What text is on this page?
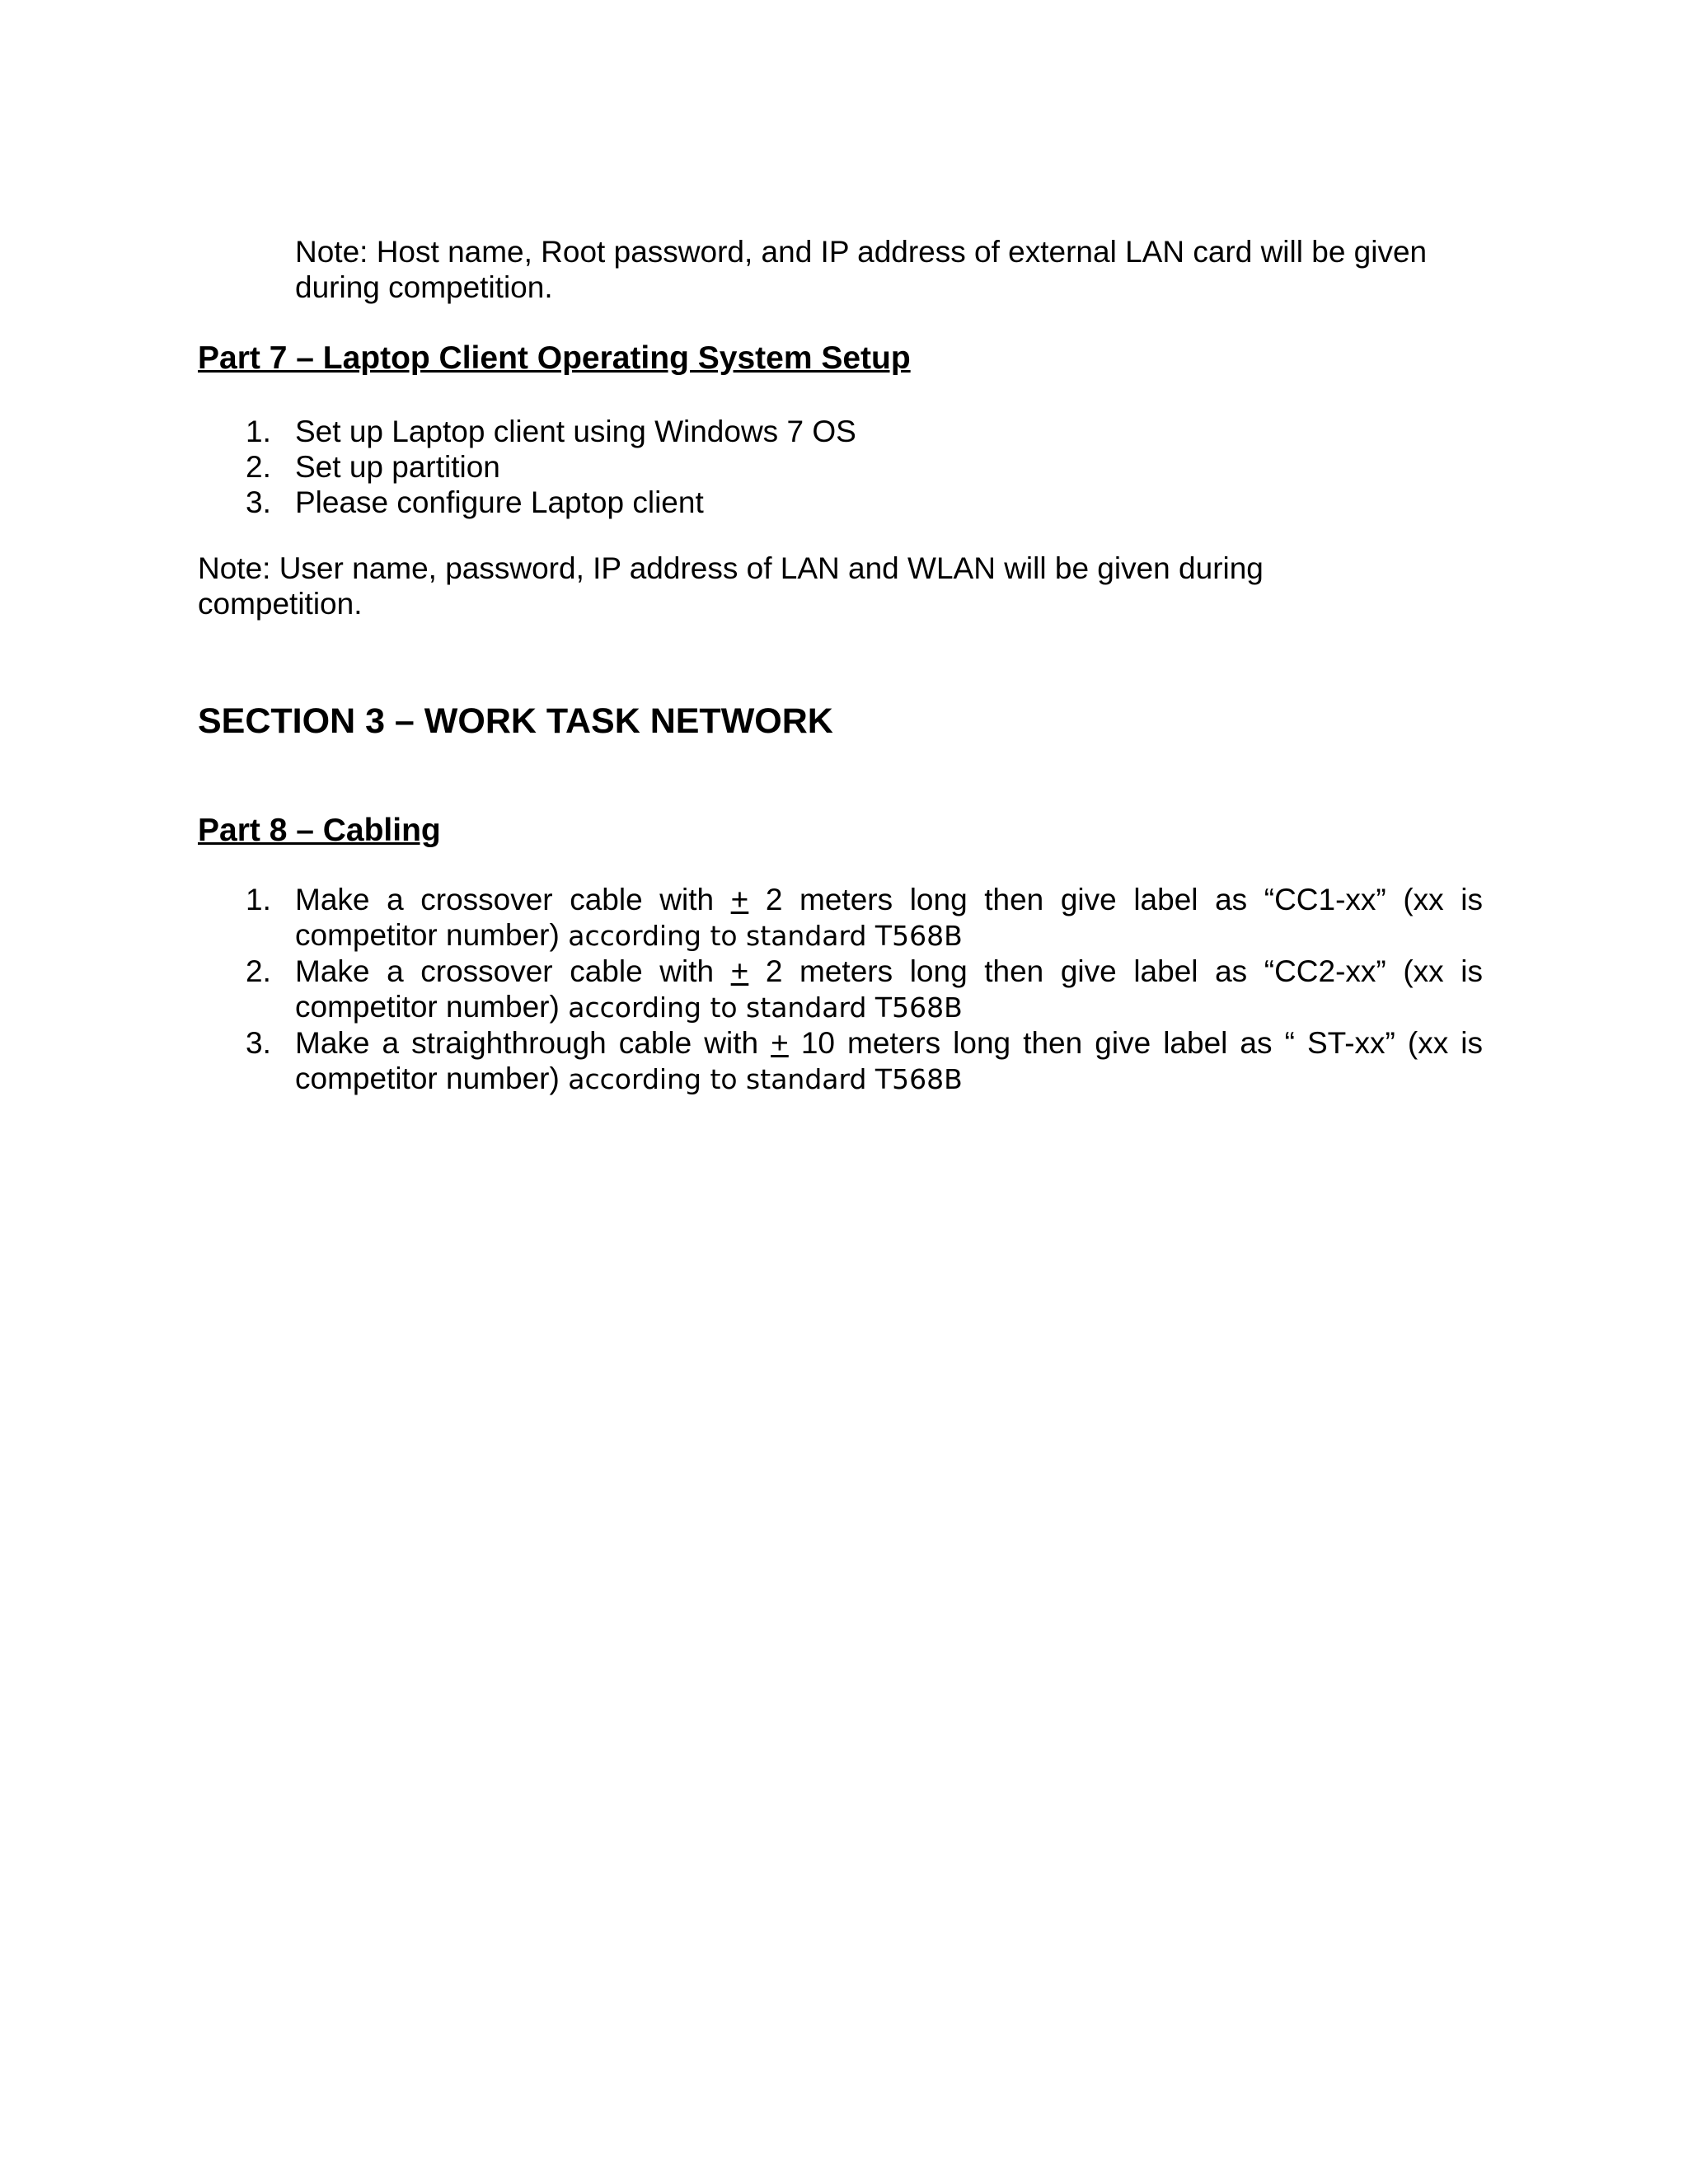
Note: Host name, Root password, and IP address of external LAN card will be given during competition.
Part 7 – Laptop Client Operating System Setup
1. Set up Laptop client using Windows 7 OS
2. Set up partition
3. Please configure Laptop client
Note: User name, password, IP address of LAN and WLAN will be given during competition.
SECTION 3 – WORK TASK NETWORK
Part 8 – Cabling
1. Make a crossover cable with + 2 meters long then give label as “CC1-xx” (xx is competitor number) according to standard T568B
2. Make a crossover cable with + 2 meters long then give label as “CC2-xx” (xx is competitor number) according to standard T568B
3. Make a straighthrough cable with + 10 meters long then give label as “ ST-xx” (xx is competitor number) according to standard T568B
